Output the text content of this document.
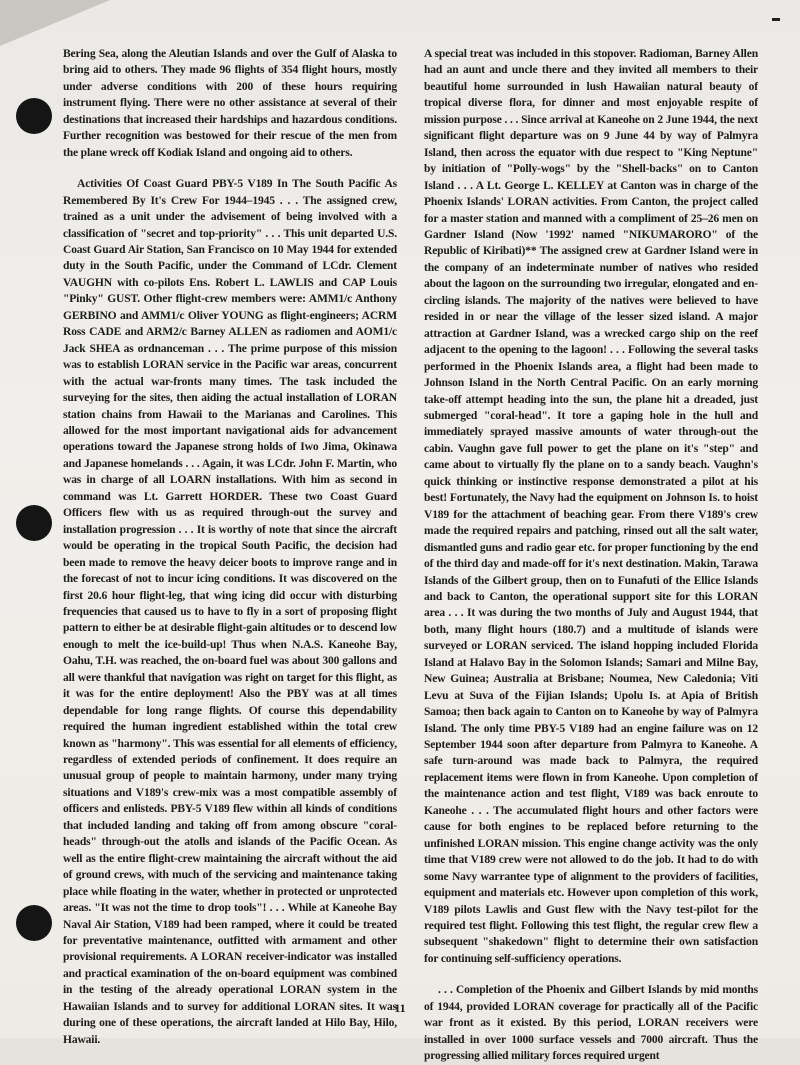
Bering Sea, along the Aleutian Islands and over the Gulf of Alaska to bring aid to others. They made 96 flights of 354 flight hours, mostly under adverse conditions with 200 of these hours requiring instrument flying. There were no other assistance at several of their destinations that increased their hardships and hazardous conditions. Further recognition was bestowed for their rescue of the men from the plane wreck off Kodiak Island and ongoing aid to others.

Activities Of Coast Guard PBY-5 V189 In The South Pacific As Remembered By It's Crew For 1944–1945 . . . The assigned crew, trained as a unit under the advisement of being involved with a classification of "secret and top-priority" . . . This unit departed U.S. Coast Guard Air Station, San Francisco on 10 May 1944 for extended duty in the South Pacific, under the Command of LCdr. Clement VAUGHN with co-pilots Ens. Robert L. LAWLIS and CAP Louis "Pinky" GUST. Other flight-crew members were: AMM1/c Anthony GERBINO and AMM1/c Oliver YOUNG as flight-engineers; ACRM Ross CADE and ARM2/c Barney ALLEN as radiomen and AOM1/c Jack SHEA as ordnanceman . . . The prime purpose of this mission was to establish LORAN service in the Pacific war areas, concurrent with the actual war-fronts many times. The task included the surveying for the sites, then aiding the actual installation of LORAN station chains from Hawaii to the Marianas and Carolines. This allowed for the most important navigational aids for advancement operations toward the Japanese strong holds of Iwo Jima, Okinawa and Japanese homelands . . . Again, it was LCdr. John F. Martin, who was in charge of all LOARN installations. With him as second in command was Lt. Garrett HORDER. These two Coast Guard Officers flew with us as required through-out the survey and installation progression . . . It is worthy of note that since the aircraft would be operating in the tropical South Pacific, the decision had been made to remove the heavy deicer boots to improve range and in the forecast of not to incur icing conditions. It was discovered on the first 20.6 hour flight-leg, that wing icing did occur with disturbing frequencies that caused us to have to fly in a sort of proposing flight pattern to either be at desirable flight-gain altitudes or to descend low enough to melt the ice-build-up! Thus when N.A.S. Kaneohe Bay, Oahu, T.H. was reached, the on-board fuel was about 300 gallons and all were thankful that navigation was right on target for this flight, as it was for the entire deployment! Also the PBY was at all times dependable for long range flights. Of course this dependability required the human ingredient established within the total crew known as "harmony". This was essential for all elements of efficiency, regardless of extended periods of confinement. It does require an unusual group of people to maintain harmony, under many trying situations and V189's crew-mix was a most compatible assembly of officers and enlisteds. PBY-5 V189 flew within all kinds of conditions that included landing and taking off from among obscure "coral-heads" through-out the atolls and islands of the Pacific Ocean. As well as the entire flight-crew maintaining the aircraft without the aid of ground crews, with much of the servicing and maintenance taking place while floating in the water, whether in protected or unprotected areas. "It was not the time to drop tools"! . . . While at Kaneohe Bay Naval Air Station, V189 had been ramped, where it could be treated for preventative maintenance, outfitted with armament and other provisional requirements. A LORAN receiver-indicator was installed and practical examination of the on-board equipment was combined in the testing of the already operational LORAN system in the Hawaiian Islands and to survey for additional LORAN sites. It was during one of these operations, the aircraft landed at Hilo Bay, Hilo, Hawaii.

A special treat was included in this stopover. Radioman, Barney Allen had an aunt and uncle there and they invited all members to their beautiful home surrounded in lush Hawaiian natural beauty of tropical diverse flora, for dinner and most enjoyable respite of mission purpose . . . Since arrival at Kaneohe on 2 June 1944, the next significant flight departure was on 9 June 44 by way of Palmyra Island, then across the equator with due respect to "King Neptune" by initiation of "Polly-wogs" by the "Shell-backs" on to Canton Island . . . A Lt. George L. KELLEY at Canton was in charge of the Phoenix Islands' LORAN activities. From Canton, the project called for a master station and manned with a compliment of 25–26 men on Gardner Island (Now '1992' named "NIKUMARORO" of the Republic of Kiribati)** The assigned crew at Gardner Island were in the company of an indeterminate number of natives who resided about the lagoon on the surrounding two irregular, elongated and en-circling islands. The majority of the natives were believed to have resided in or near the village of the lesser sized island. A major attraction at Gardner Island, was a wrecked cargo ship on the reef adjacent to the opening to the lagoon! . . . Following the several tasks performed in the Phoenix Islands area, a flight had been made to Johnson Island in the North Central Pacific. On an early morning take-off attempt heading into the sun, the plane hit a dreaded, just submerged "coral-head". It tore a gaping hole in the hull and immediately sprayed massive amounts of water through-out the cabin. Vaughn gave full power to get the plane on it's "step" and came about to virtually fly the plane on to a sandy beach. Vaughn's quick thinking or instinctive response demonstrated a pilot at his best! Fortunately, the Navy had the equipment on Johnson Is. to hoist V189 for the attachment of beaching gear. From there V189's crew made the required repairs and patching, rinsed out all the salt water, dismantled guns and radio gear etc. for proper functioning by the end of the third day and made-off for it's next destination. Makin, Tarawa Islands of the Gilbert group, then on to Funafuti of the Ellice Islands and back to Canton, the operational support site for this LORAN area . . . It was during the two months of July and August 1944, that both, many flight hours (180.7) and a multitude of islands were surveyed or LORAN serviced. The island hopping included Florida Island at Halavo Bay in the Solomon Islands; Samari and Milne Bay, New Guinea; Australia at Brisbane; Noumea, New Caledonia; Viti Levu at Suva of the Fijian Islands; Upolu Is. at Apia of British Samoa; then back again to Canton on to Kaneohe by way of Palmyra Island. The only time PBY-5 V189 had an engine failure was on 12 September 1944 soon after departure from Palmyra to Kaneohe. A safe turn-around was made back to Palmyra, the required replacement items were flown in from Kaneohe. Upon completion of the maintenance action and test flight, V189 was back enroute to Kaneohe . . . The accumulated flight hours and other factors were cause for both engines to be replaced before returning to the unfinished LORAN mission. This engine change activity was the only time that V189 crew were not allowed to do the job. It had to do with some Navy warrantee type of alignment to the providers of facilities, equipment and materials etc. However upon completion of this work, V189 pilots Lawlis and Gust flew with the Navy test-pilot for the required test flight. Following this test flight, the regular crew flew a subsequent "shakedown" flight to determine their own satisfaction for continuing self-sufficiency operations.

. . . Completion of the Phoenix and Gilbert Islands by mid months of 1944, provided LORAN coverage for practically all of the Pacific war front as it existed. By this period, LORAN receivers were installed in over 1000 surface vessels and 7000 aircraft. Thus the progressing allied military forces required urgent

11
